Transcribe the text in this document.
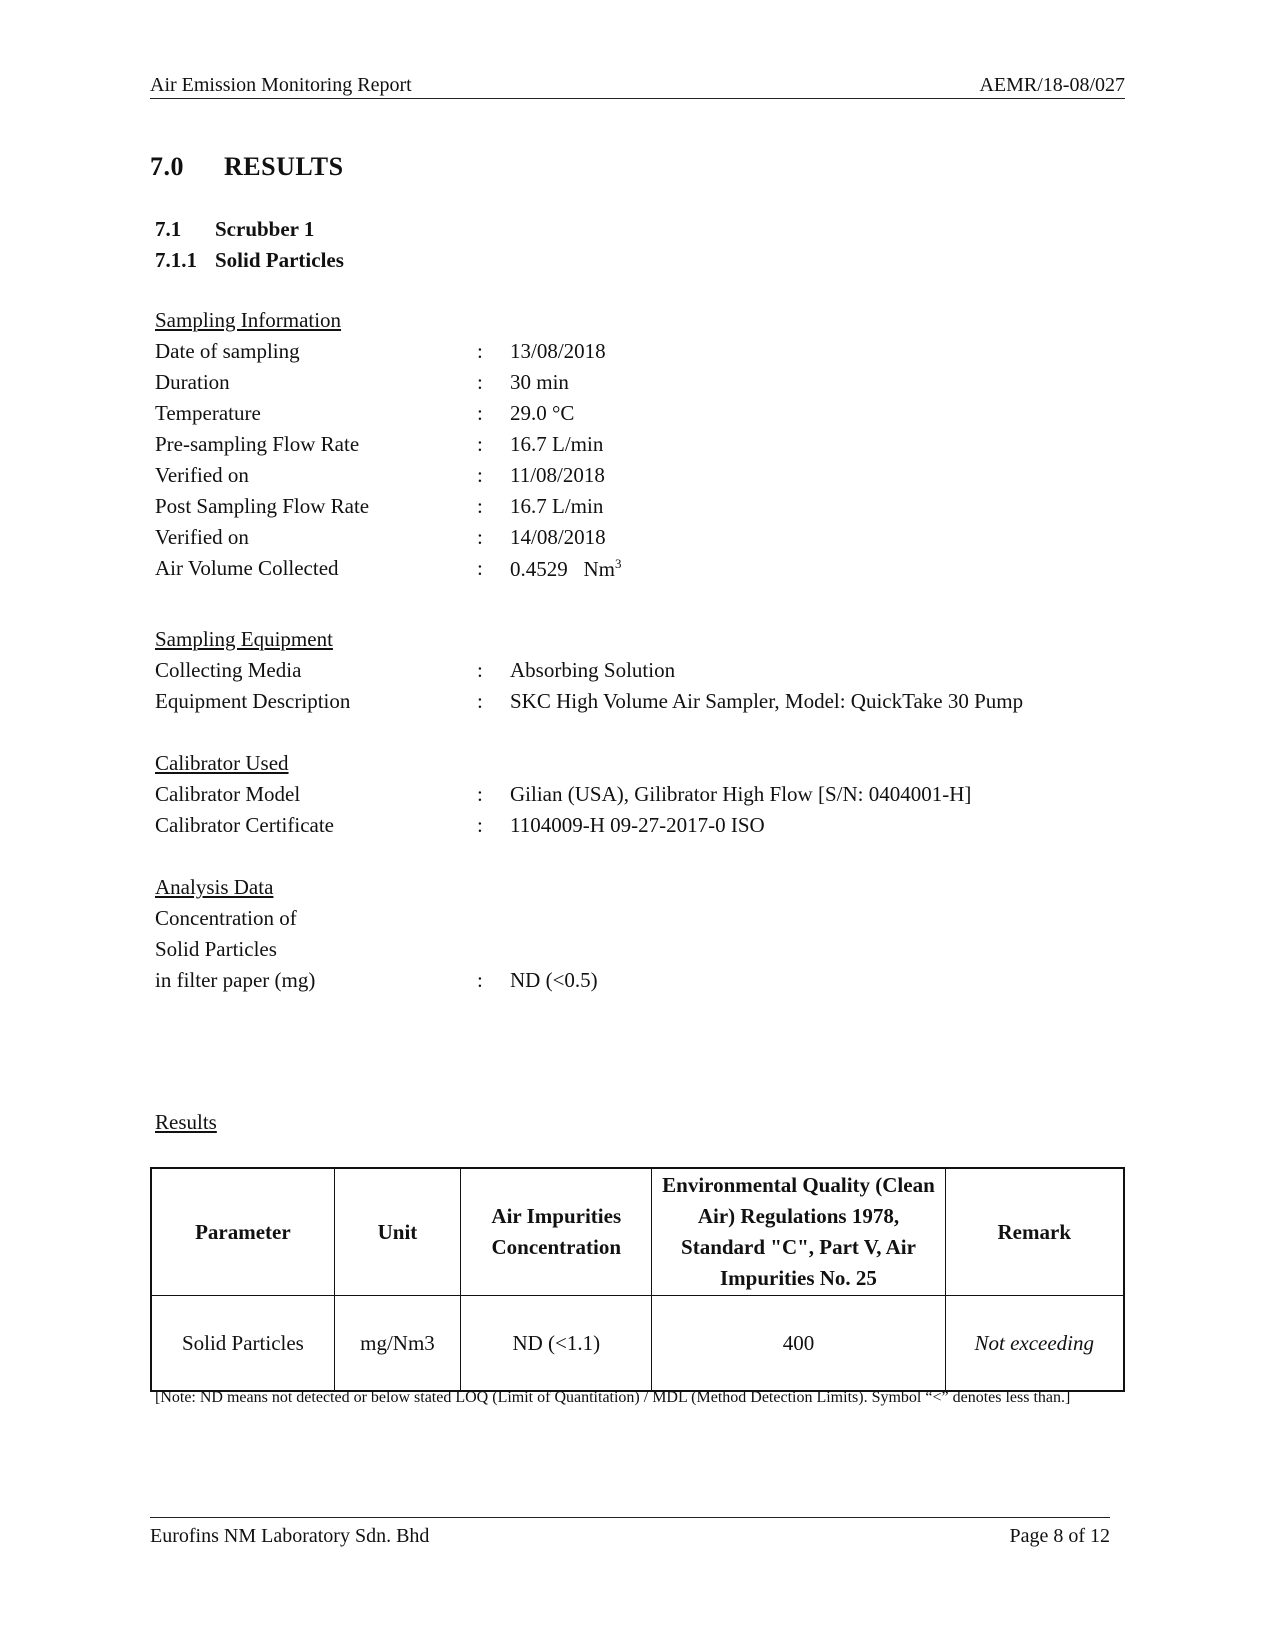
Air Emission Monitoring Report	AEMR/18-08/027
7.0 RESULTS
7.1 Scrubber 1
7.1.1 Solid Particles
Sampling Information
Date of sampling	: 13/08/2018
Duration	: 30 min
Temperature	: 29.0 °C
Pre-sampling Flow Rate	: 16.7 L/min
Verified on	: 11/08/2018
Post Sampling Flow Rate	: 16.7 L/min
Verified on	: 14/08/2018
Air Volume Collected	: 0.4529 Nm$^3$
Sampling Equipment
Collecting Media	: Absorbing Solution
Equipment Description	: SKC High Volume Air Sampler, Model: QuickTake 30 Pump
Calibrator Used
Calibrator Model	: Gilian (USA), Gilibrator High Flow [S/N: 0404001-H]
Calibrator Certificate	: 1104009-H 09-27-2017-0 ISO
Analysis Data
Concentration of
Solid Particles
in filter paper (mg)	: ND (<0.5)
Results
Parameter	Unit	Air Impurities Concentration	Environmental Quality (Clean Air) Regulations 1978, Standard "C", Part V, Air Impurities No. 25	Remark
Solid Particles	mg/Nm3	ND (<1.1)	400	Not exceeding
[Note: ND means not detected or below stated LOQ (Limit of Quantitation) / MDL (Method Detection Limits). Symbol “<” denotes less than.]
Eurofins NM Laboratory Sdn. Bhd	Page 8 of 12
